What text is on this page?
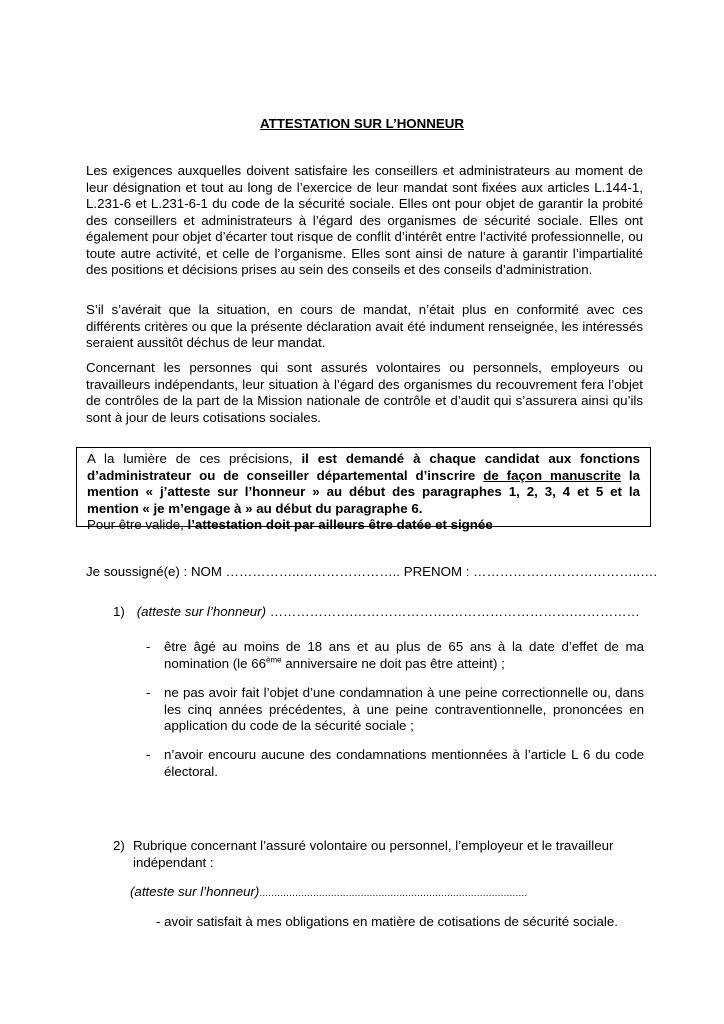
ATTESTATION SUR L’HONNEUR

Les exigences auxquelles doivent satisfaire les conseillers et administrateurs au moment de leur désignation et tout au long de l’exercice de leur mandat sont fixées aux articles L.144-1, L.231-6 et L.231-6-1 du code de la sécurité sociale. Elles ont pour objet de garantir la probité des conseillers et administrateurs à l’égard des organismes de sécurité sociale. Elles ont également pour objet d’écarter tout risque de conflit d’intérêt entre l’activité professionnelle, ou toute autre activité, et celle de l’organisme. Elles sont ainsi de nature à garantir l’impartialité des positions et décisions prises au sein des conseils et des conseils d’administration.

S’il s’avérait que la situation, en cours de mandat, n’était plus en conformité avec ces différents critères ou que la présente déclaration avait été indument renseignée, les intéressés seraient aussitôt déchus de leur mandat.

Concernant les personnes qui sont assurés volontaires ou personnels, employeurs ou travailleurs indépendants, leur situation à l’égard des organismes du recouvrement fera l’objet de contrôles de la part de la Mission nationale de contrôle et d’audit qui s’assurera ainsi qu’ils sont à jour de leurs cotisations sociales.

A la lumière de ces précisions, il est demandé à chaque candidat aux fonctions d’administrateur ou de conseiller départemental d’inscrire de façon manuscrite la mention « j’atteste sur l’honneur » au début des paragraphes 1, 2, 3, 4 et 5 et la mention « je m’engage à » au début du paragraphe 6.

Pour être valide, l’attestation doit par ailleurs être datée et signée

Je soussigné(e) : NOM ……………..………………….. PRENOM : ………………………………..….

1) (atteste sur l’honneur) ……………….………………….……………………….……………

- être âgé au moins de 18 ans et au plus de 65 ans à la date d’effet de ma nomination (le 66ème anniversaire ne doit pas être atteint) ;

- ne pas avoir fait l’objet d’une condamnation à une peine correctionnelle ou, dans les cinq années précédentes, à une peine contraventionnelle, prononcées en application du code de la sécurité sociale ;

- n’avoir encouru aucune des condamnations mentionnées à l’article L 6 du code électoral.

2) Rubrique concernant l’assuré volontaire ou personnel, l’employeur et le travailleur indépendant :

(atteste sur l’honneur)..........................................................................................

- avoir satisfait à mes obligations en matière de cotisations de sécurité sociale.
